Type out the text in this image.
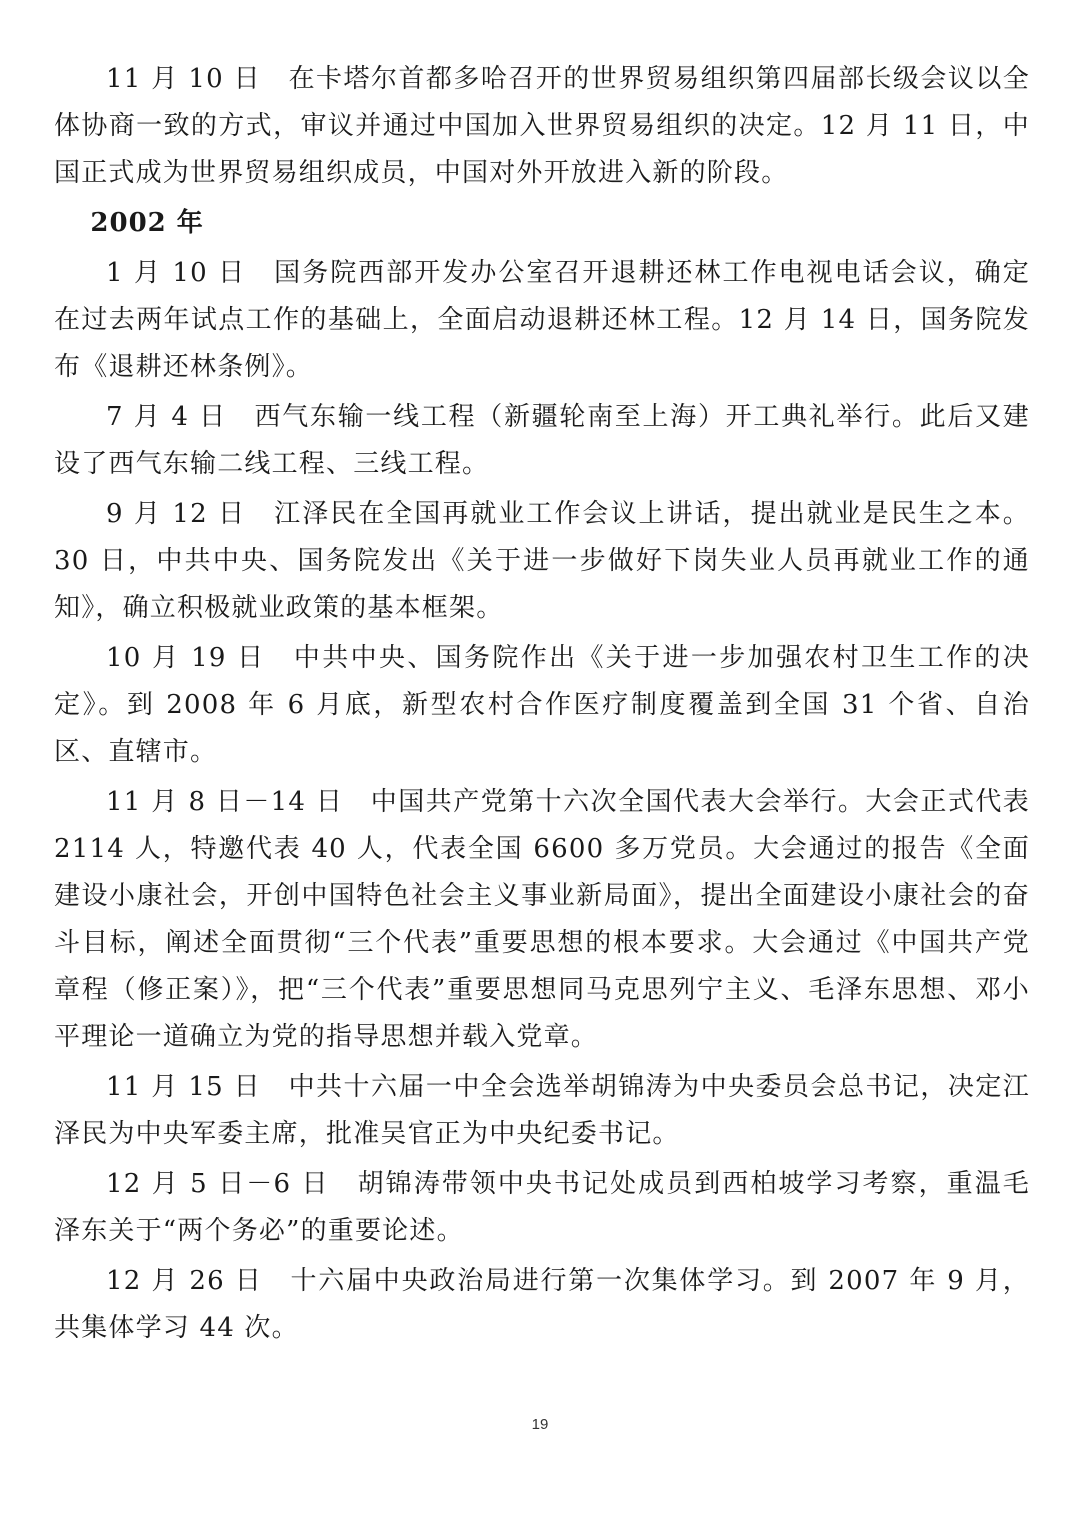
11 月 10 日　在卡塔尔首都多哈召开的世界贸易组织第四届部长级会议以全体协商一致的方式，审议并通过中国加入世界贸易组织的决定。12 月 11 日，中国正式成为世界贸易组织成员，中国对外开放进入新的阶段。

2002 年

1 月 10 日　国务院西部开发办公室召开退耕还林工作电视电话会议，确定在过去两年试点工作的基础上，全面启动退耕还林工程。12 月 14 日，国务院发布《退耕还林条例》。

7 月 4 日　西气东输一线工程（新疆轮南至上海）开工典礼举行。此后又建设了西气东输二线工程、三线工程。

9 月 12 日　江泽民在全国再就业工作会议上讲话，提出就业是民生之本。30 日，中共中央、国务院发出《关于进一步做好下岗失业人员再就业工作的通知》，确立积极就业政策的基本框架。

10 月 19 日　中共中央、国务院作出《关于进一步加强农村卫生工作的决定》。到 2008 年 6 月底，新型农村合作医疗制度覆盖到全国 31 个省、自治区、直辖市。

11 月 8 日－14 日　中国共产党第十六次全国代表大会举行。大会正式代表 2114 人，特邀代表 40 人，代表全国 6600 多万党员。大会通过的报告《全面建设小康社会，开创中国特色社会主义事业新局面》，提出全面建设小康社会的奋斗目标，阐述全面贯彻“三个代表”重要思想的根本要求。大会通过《中国共产党章程（修正案）》，把“三个代表”重要思想同马克思列宁主义、毛泽东思想、邓小平理论一道确立为党的指导思想并载入党章。

11 月 15 日　中共十六届一中全会选举胡锦涛为中央委员会总书记，决定江泽民为中央军委主席，批准吴官正为中央纪委书记。

12 月 5 日－6 日　胡锦涛带领中央书记处成员到西柏坡学习考察，重温毛泽东关于“两个务必”的重要论述。

12 月 26 日　十六届中央政治局进行第一次集体学习。到 2007 年 9 月，共集体学习 44 次。

19
